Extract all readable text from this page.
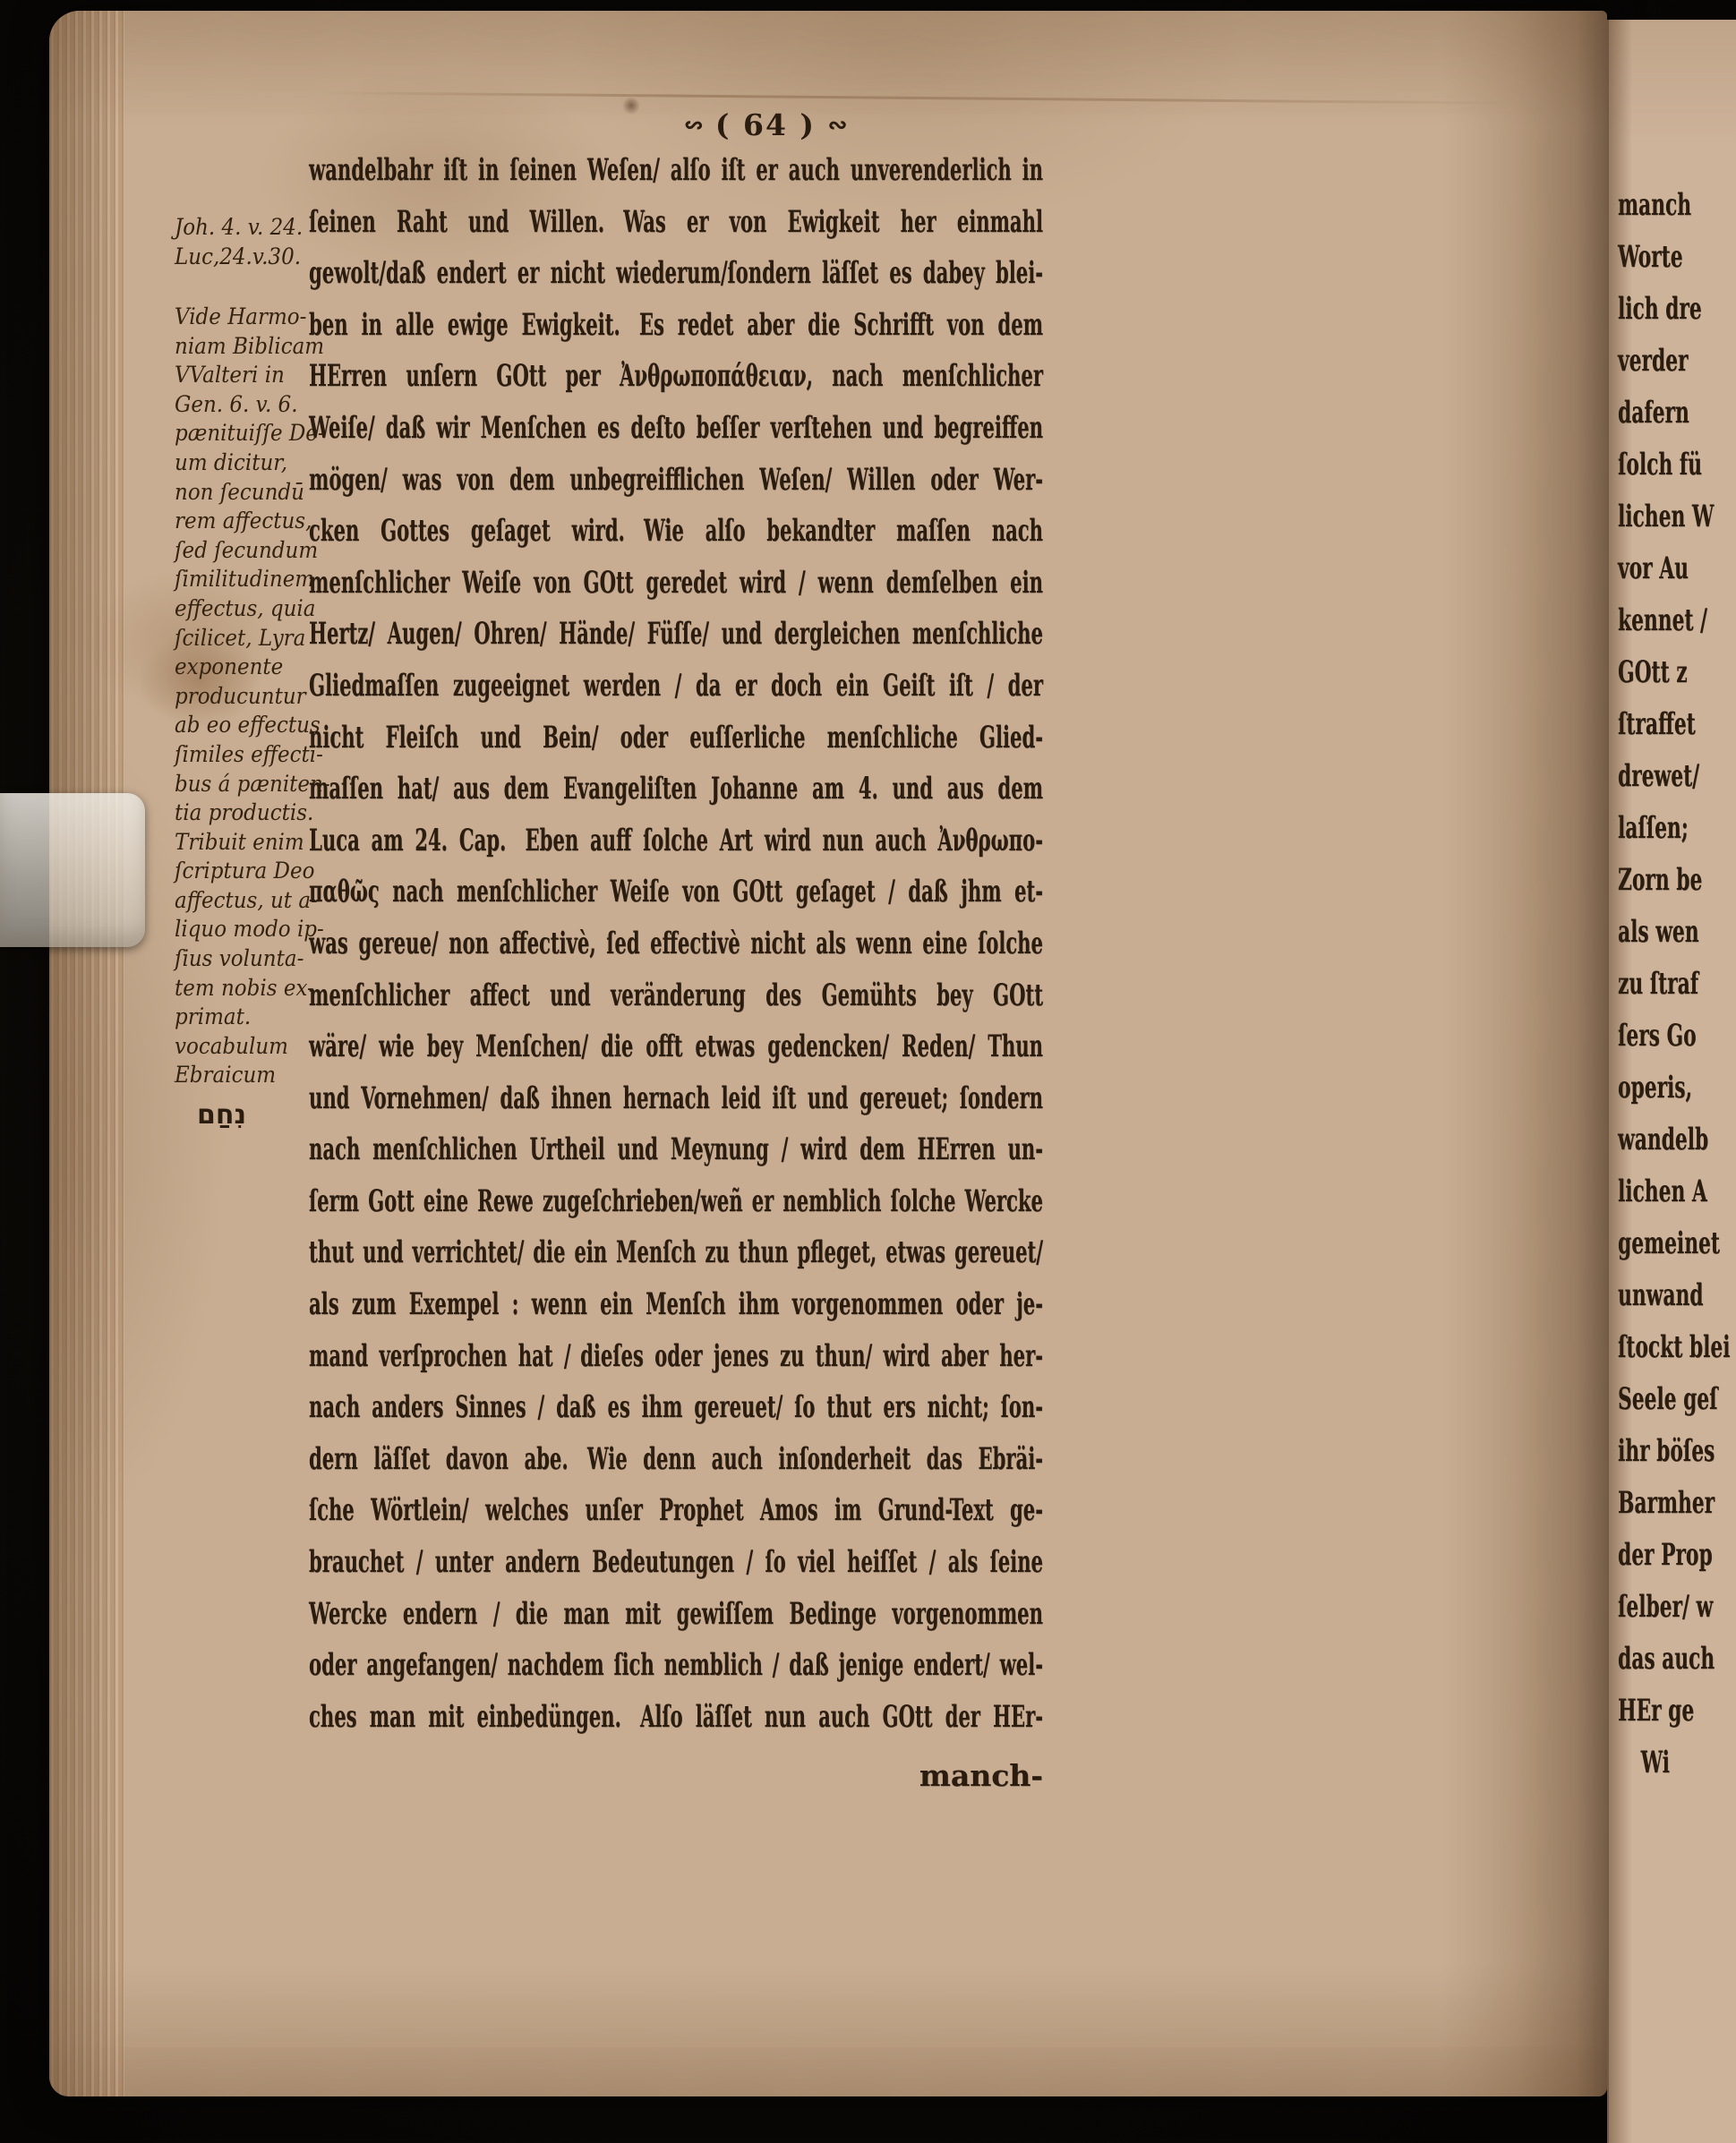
∾ ( 64 ) ∾
Joh. 4. v. 24.
Luc,24.v.30.
Vide Harmo-
niam Biblicam
VValteri in
Gen. 6. v. 6.
pænituiſſe De-
um dicitur,
non ſecundū
rem affectus,
ſed ſecundum
ſimilitudinem
effectus, quia
ſcilicet, Lyra
exponente
producuntur
ab eo effectus
ſimiles effecti-
bus á pæniten-
tia productis.
Tribuit enim
ſcriptura Deo
affectus, ut a-
liquo modo ip-
ſius volunta-
tem nobis ex-
primat.
vocabulum
Ebraicum
נִחַם
wandelbahr iſt in ſeinen Weſen/ alſo iſt er auch unverenderlich in
ſeinen Raht und Willen. Was er von Ewigkeit her einmahl
gewolt/daß endert er nicht wiederum/ſondern läſſet es dabey blei-
ben in alle ewige Ewigkeit. Es redet aber die Schrifft von dem
HErren unſern GOtt per Ἀνθρωποπάθειαν, nach menſchlicher
Weiſe/ daß wir Menſchen es deſto beſſer verſtehen und begreiffen
mögen/ was von dem unbegreifflichen Weſen/ Willen oder Wer-
cken Gottes geſaget wird. Wie alſo bekandter maſſen nach
menſchlicher Weiſe von GOtt geredet wird / wenn demſelben ein
Hertz/ Augen/ Ohren/ Hände/ Füſſe/ und dergleichen menſchliche
Gliedmaſſen zugeeignet werden / da er doch ein Geiſt iſt / der
nicht Fleiſch und Bein/ oder euſſerliche menſchliche Glied-
maſſen hat/ aus dem Evangeliſten Johanne am 4. und aus dem
Luca am 24. Cap. Eben auff ſolche Art wird nun auch Ἀνθρωπο-
παθῶς nach menſchlicher Weiſe von GOtt geſaget / daß jhm et-
was gereue/ non affectivè, ſed effectivè nicht als wenn eine ſolche
menſchlicher affect und veränderung des Gemühts bey GOtt
wäre/ wie bey Menſchen/ die offt etwas gedencken/ Reden/ Thun
und Vornehmen/ daß ihnen hernach leid iſt und gereuet; ſondern
nach menſchlichen Urtheil und Meynung / wird dem HErren un-
ſerm Gott eine Rewe zugeſchrieben/weñ er nemblich ſolche Wercke
thut und verrichtet/ die ein Menſch zu thun pfleget, etwas gereuet/
als zum Exempel : wenn ein Menſch ihm vorgenommen oder je-
mand verſprochen hat / dieſes oder jenes zu thun/ wird aber her-
nach anders Sinnes / daß es ihm gereuet/ ſo thut ers nicht; ſon-
dern läſſet davon abe. Wie denn auch inſonderheit das Ebräi-
ſche Wörtlein/ welches unſer Prophet Amos im Grund-Text ge-
brauchet / unter andern Bedeutungen / ſo viel heiſſet / als ſeine
Wercke endern / die man mit gewiſſem Bedinge vorgenommen
oder angefangen/ nachdem ſich nemblich / daß jenige endert/ wel-
ches man mit einbedüngen. Alſo läſſet nun auch GOtt der HEr-
manch-
manch
Worte
lich dre
verder
dafern
ſolch fü
lichen W
vor Au
kennet /
GOtt z
ſtraffet
drewet/
laſſen;
Zorn be
als wen
zu ſtraf
ſers Go
operis,
wandelb
lichen A
gemeinet
unwand
ſtockt blei
Seele geſ
ihr böſes
Barmher
der Prop
ſelber/ w
das auch
HEr ge
Wi
